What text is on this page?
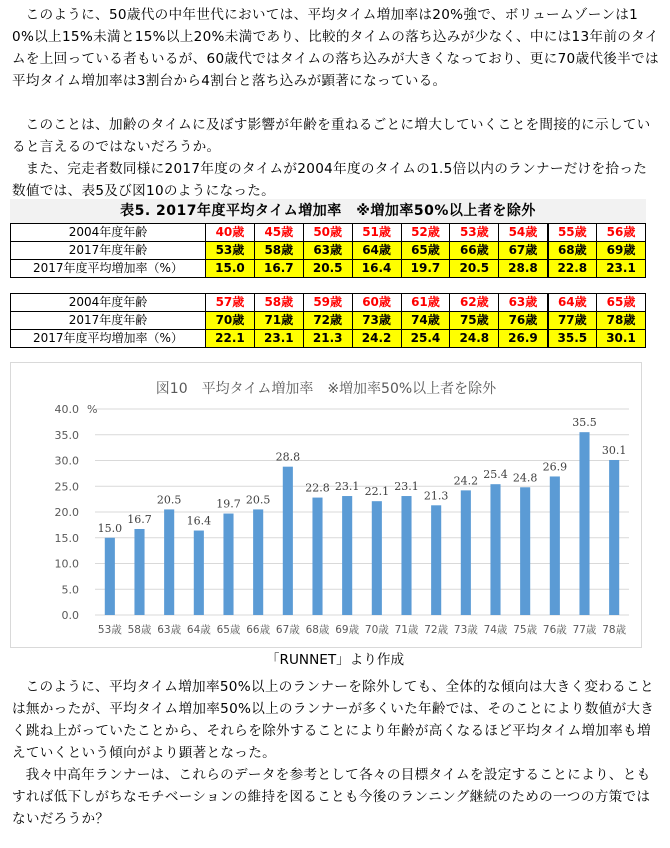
このように、50歳代の中年世代においては、平均タイム増加率は20%強で、ボリュームゾーンは10%以上15%未満と15%以上20%未満であり、比較的タイムの落ち込みが少なく、中には13年前のタイムを上回っている者もいるが、60歳代ではタイムの落ち込みが大きくなっており、更に70歳代後半では平均タイム増加率は3割台から4割台と落ち込みが顕著になっている。

このことは、加齢のタイムに及ぼす影響が年齢を重ねるごとに増大していくことを間接的に示していると言えるのではないだろうか。

また、完走者数同様に2017年度のタイムが2004年度のタイムの1.5倍以内のランナーだけを拾った数値では、表5及び図10のようになった。

表5. 2017年度平均タイム増加率　※増加率50%以上者を除外
2004年度年齢	40歳	45歳	50歳	51歳	52歳	53歳	54歳	55歳	56歳
2017年度年齢	53歳	58歳	63歳	64歳	65歳	66歳	67歳	68歳	69歳
2017年度平均増加率（%）	15.0	16.7	20.5	16.4	19.7	20.5	28.8	22.8	23.1
2004年度年齢	57歳	58歳	59歳	60歳	61歳	62歳	63歳	64歳	65歳
2017年度年齢	70歳	71歳	72歳	73歳	74歳	75歳	76歳	77歳	78歳
2017年度平均増加率（%）	22.1	23.1	21.3	24.2	25.4	24.8	26.9	35.5	30.1
図10　平均タイム増加率　※増加率50%以上者を除外
0.0
5.0
10.0
15.0
20.0
25.0
30.0
35.0
40.0 %
15.0
53歳
16.7
58歳
20.5
63歳
16.4
64歳
19.7
65歳
20.5
66歳
28.8
67歳
22.8
68歳
23.1
69歳
22.1
70歳
23.1
71歳
21.3
72歳
24.2
73歳
25.4
74歳
24.8
75歳
26.9
76歳
35.5
77歳
30.1
78歳
「RUNNET」より作成

このように、平均タイム増加率50%以上のランナーを除外しても、全体的な傾向は大きく変わることは無かったが、平均タイム増加率50%以上のランナーが多くいた年齢では、そのことにより数値が大きく跳ね上がっていたことから、それらを除外することにより年齢が高くなるほど平均タイム増加率も増えていくという傾向がより顕著となった。

我々中高年ランナーは、これらのデータを参考として各々の目標タイムを設定することにより、ともすれば低下しがちなモチベーションの維持を図ることも今後のランニング継続のための一つの方策ではないだろうか？
